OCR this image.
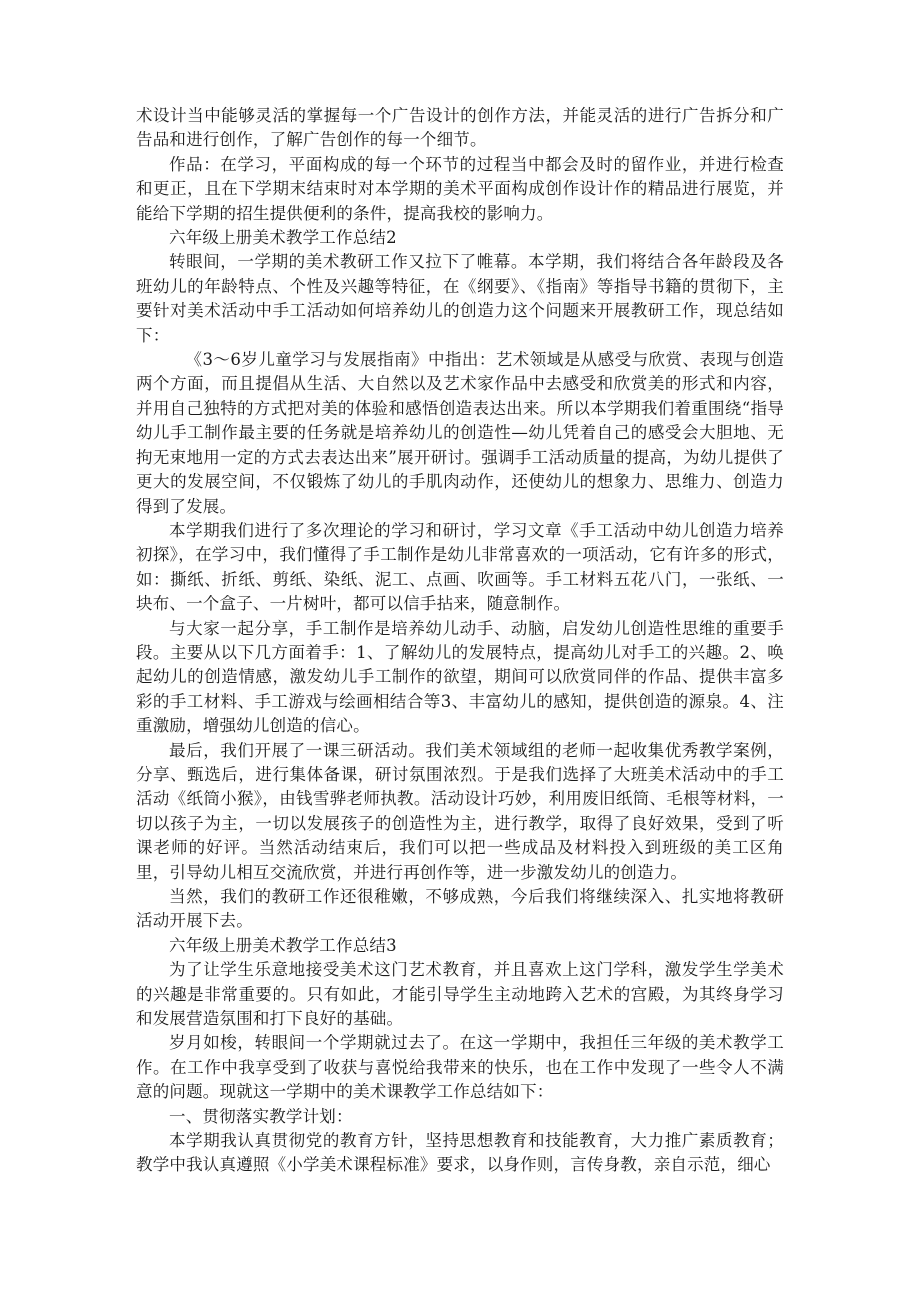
术设计当中能够灵活的掌握每一个广告设计的创作方法，并能灵活的进行广告拆分和广告品和进行创作，了解广告创作的每一个细节。

作品：在学习，平面构成的每一个环节的过程当中都会及时的留作业，并进行检查和更正，且在下学期末结束时对本学期的美术平面构成创作设计作的精品进行展览，并能给下学期的招生提供便利的条件，提高我校的影响力。

六年级上册美术教学工作总结2

转眼间，一学期的美术教研工作又拉下了帷幕。本学期，我们将结合各年龄段及各班幼儿的年龄特点、个性及兴趣等特征，在《纲要》、《指南》等指导书籍的贯彻下，主要针对美术活动中手工活动如何培养幼儿的创造力这个问题来开展教研工作，现总结如下：

《3～6岁儿童学习与发展指南》中指出：艺术领域是从感受与欣赏、表现与创造两个方面，而且提倡从生活、大自然以及艺术家作品中去感受和欣赏美的形式和内容，并用自己独特的方式把对美的体验和感悟创造表达出来。所以本学期我们着重围绕“指导幼儿手工制作最主要的任务就是培养幼儿的创造性—幼儿凭着自己的感受会大胆地、无拘无束地用一定的方式去表达出来”展开研讨。强调手工活动质量的提高，为幼儿提供了更大的发展空间，不仅锻炼了幼儿的手肌肉动作，还使幼儿的想象力、思维力、创造力得到了发展。

本学期我们进行了多次理论的学习和研讨，学习文章《手工活动中幼儿创造力培养初探》，在学习中，我们懂得了手工制作是幼儿非常喜欢的一项活动，它有许多的形式，如：撕纸、折纸、剪纸、染纸、泥工、点画、吹画等。手工材料五花八门，一张纸、一块布、一个盒子、一片树叶，都可以信手拈来，随意制作。

与大家一起分享，手工制作是培养幼儿动手、动脑，启发幼儿创造性思维的重要手段。主要从以下几方面着手：1、了解幼儿的发展特点，提高幼儿对手工的兴趣。2、唤起幼儿的创造情感，激发幼儿手工制作的欲望，期间可以欣赏同伴的作品、提供丰富多彩的手工材料、手工游戏与绘画相结合等3、丰富幼儿的感知，提供创造的源泉。4、注重激励，增强幼儿创造的信心。

最后，我们开展了一课三研活动。我们美术领域组的老师一起收集优秀教学案例，分享、甄选后，进行集体备课，研讨氛围浓烈。于是我们选择了大班美术活动中的手工活动《纸筒小猴》，由钱雪骅老师执教。活动设计巧妙，利用废旧纸筒、毛根等材料，一切以孩子为主，一切以发展孩子的创造性为主，进行教学，取得了良好效果，受到了听课老师的好评。当然活动结束后，我们可以把一些成品及材料投入到班级的美工区角里，引导幼儿相互交流欣赏，并进行再创作等，进一步激发幼儿的创造力。

当然，我们的教研工作还很稚嫩，不够成熟，今后我们将继续深入、扎实地将教研活动开展下去。

六年级上册美术教学工作总结3

为了让学生乐意地接受美术这门艺术教育，并且喜欢上这门学科，激发学生学美术的兴趣是非常重要的。只有如此，才能引导学生主动地跨入艺术的宫殿，为其终身学习和发展营造氛围和打下良好的基础。

岁月如梭，转眼间一个学期就过去了。在这一学期中，我担任三年级的美术教学工作。在工作中我享受到了收获与喜悦给我带来的快乐，也在工作中发现了一些令人不满意的问题。现就这一学期中的美术课教学工作总结如下：

一、贯彻落实教学计划：

本学期我认真贯彻党的教育方针，坚持思想教育和技能教育，大力推广素质教育；教学中我认真遵照《小学美术课程标准》要求，以身作则，言传身教，亲自示范，细心
